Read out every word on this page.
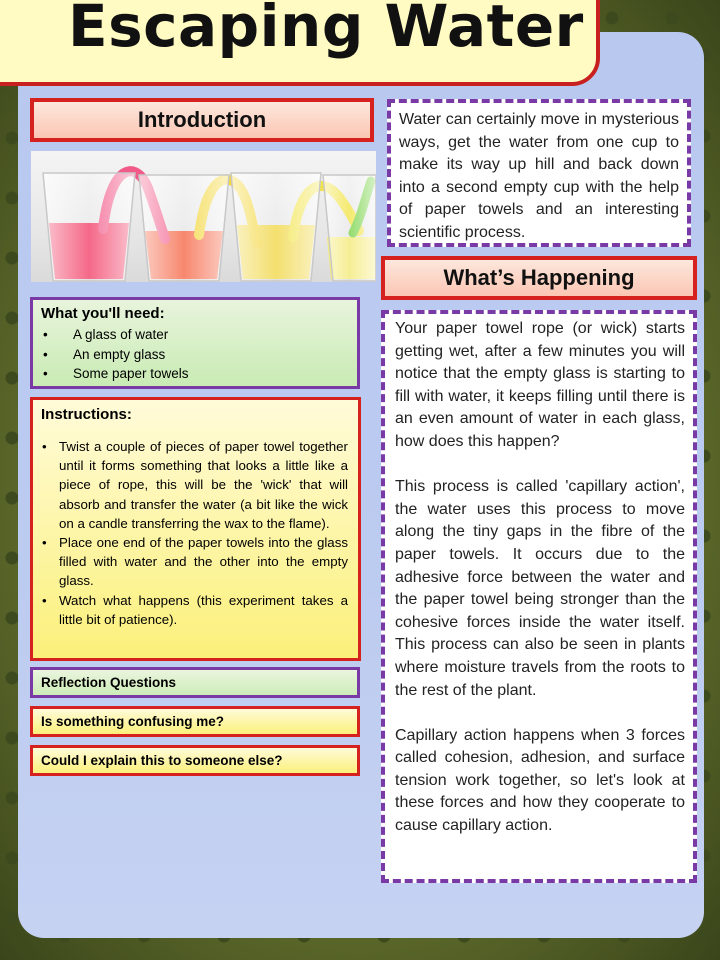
Escaping Water
Introduction	Water can certainly move in mysterious ways, get the water from one cup to make its way up hill and back down into a second empty cup with the help of paper towels and an interesting scientific process.
What’s Happening
What you'll need:
• A glass of water
• An empty glass
• Some paper towels
Instructions:
• Twist a couple of pieces of paper towel together until it forms something that looks a little like a piece of rope, this will be the 'wick' that will absorb and transfer the water (a bit like the wick on a candle transferring the wax to the flame).
• Place one end of the paper towels into the glass filled with water and the other into the empty glass.
• Watch what happens (this experiment takes a little bit of patience).
Reflection Questions
Is something confusing me?
Could I explain this to someone else?

Your paper towel rope (or wick) starts getting wet, after a few minutes you will notice that the empty glass is starting to fill with water, it keeps filling until there is an even amount of water in each glass, how does this happen?

This process is called 'capillary action', the water uses this process to move along the tiny gaps in the fibre of the paper towels. It occurs due to the adhesive force between the water and the paper towel being stronger than the cohesive forces inside the water itself. This process can also be seen in plants where moisture travels from the roots to the rest of the plant.

Capillary action happens when 3 forces called cohesion, adhesion, and surface tension work together, so let's look at these forces and how they cooperate to cause capillary action.
